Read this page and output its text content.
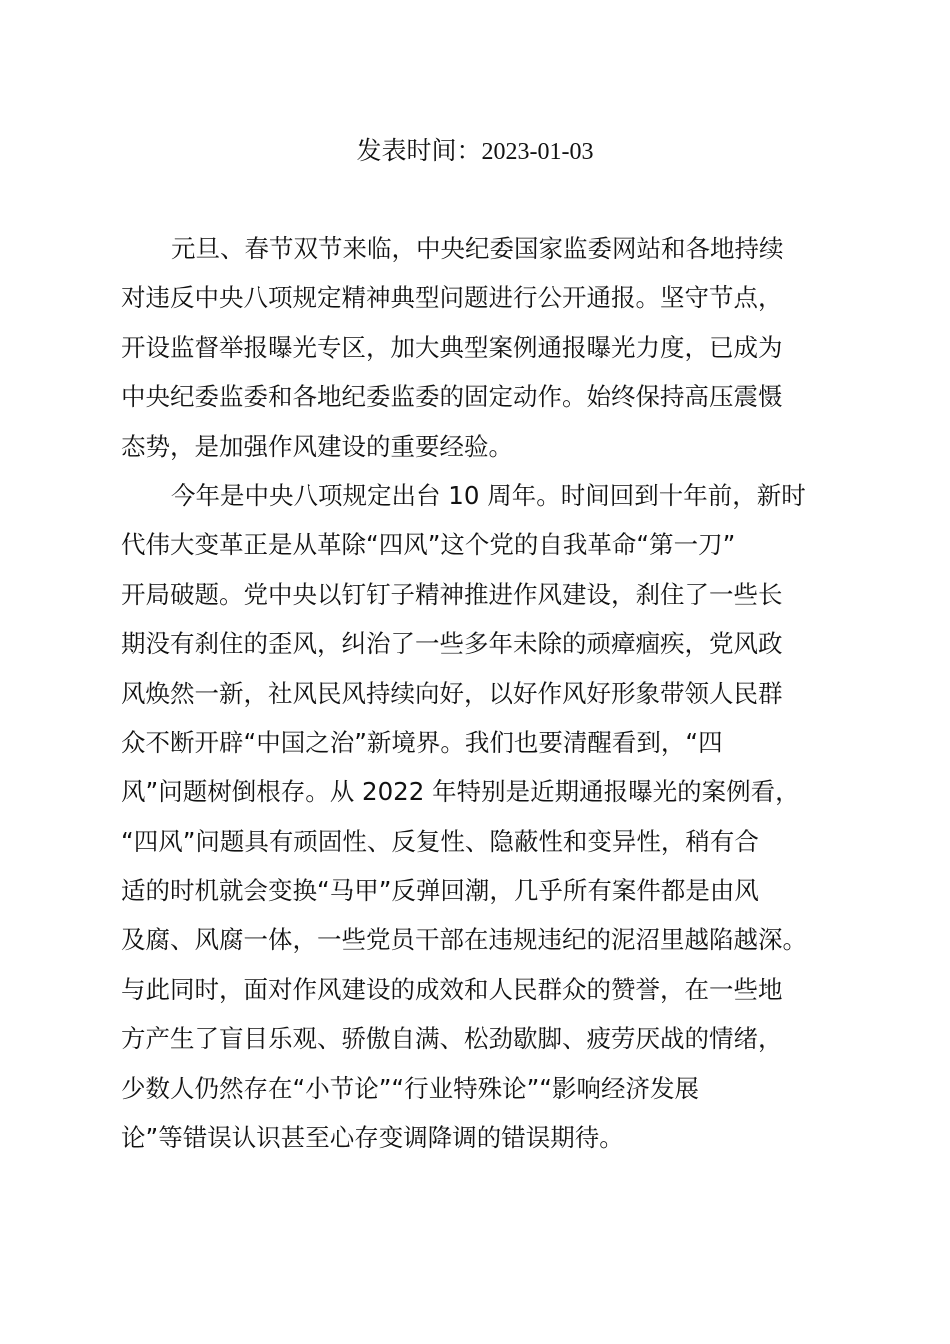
发表时间：2023-01-03
元旦、春节双节来临，中央纪委国家监委网站和各地持续
对违反中央八项规定精神典型问题进行公开通报。坚守节点，
开设监督举报曝光专区，加大典型案例通报曝光力度，已成为
中央纪委监委和各地纪委监委的固定动作。始终保持高压震慑
态势，是加强作风建设的重要经验。
今年是中央八项规定出台 10 周年。时间回到十年前，新时
代伟大变革正是从革除“四风”这个党的自我革命“第一刀”
开局破题。党中央以钉钉子精神推进作风建设，刹住了一些长
期没有刹住的歪风，纠治了一些多年未除的顽瘴痼疾，党风政
风焕然一新，社风民风持续向好，以好作风好形象带领人民群
众不断开辟“中国之治”新境界。我们也要清醒看到，“四
风”问题树倒根存。从 2022 年特别是近期通报曝光的案例看，
“四风”问题具有顽固性、反复性、隐蔽性和变异性，稍有合
适的时机就会变换“马甲”反弹回潮，几乎所有案件都是由风
及腐、风腐一体，一些党员干部在违规违纪的泥沼里越陷越深。
与此同时，面对作风建设的成效和人民群众的赞誉，在一些地
方产生了盲目乐观、骄傲自满、松劲歇脚、疲劳厌战的情绪，
少数人仍然存在“小节论”“行业特殊论”“影响经济发展
论”等错误认识甚至心存变调降调的错误期待。
